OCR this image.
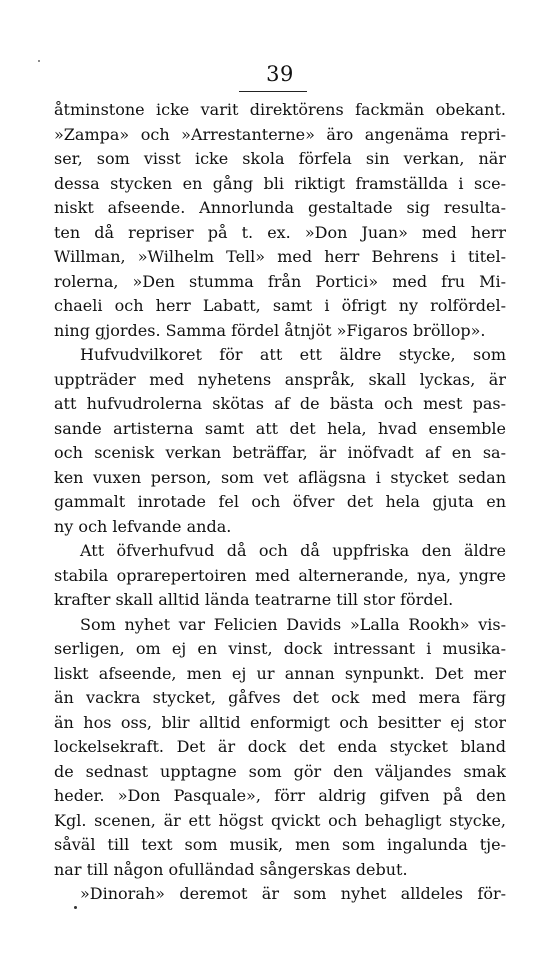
39
åtminstone icke varit direktörens fackmän obekant.
»Zampa» och »Arrestanterne» äro angenäma repri-
ser, som visst icke skola förfela sin verkan, när
dessa stycken en gång bli riktigt framställda i sce-
niskt afseende. Annorlunda gestaltade sig resulta-
ten då repriser på t. ex. »Don Juan» med herr
Willman, »Wilhelm Tell» med herr Behrens i titel-
rolerna, »Den stumma från Portici» med fru Mi-
chaeli och herr Labatt, samt i öfrigt ny rolfördel-
ning gjordes. Samma fördel åtnjöt »Figaros bröllop».
Hufvudvilkoret för att ett äldre stycke, som
uppträder med nyhetens anspråk, skall lyckas, är
att hufvudrolerna skötas af de bästa och mest pas-
sande artisterna samt att det hela, hvad ensemble
och scenisk verkan beträffar, är inöfvadt af en sa-
ken vuxen person, som vet aflägsna i stycket sedan
gammalt inrotade fel och öfver det hela gjuta en
ny och lefvande anda.
Att öfverhufvud då och då uppfriska den äldre
stabila oprarepertoiren med alternerande, nya, yngre
krafter skall alltid lända teatrarne till stor fördel.
Som nyhet var Felicien Davids »Lalla Rookh» vis-
serligen, om ej en vinst, dock intressant i musika-
liskt afseende, men ej ur annan synpunkt. Det mer
än vackra stycket, gåfves det ock med mera färg
än hos oss, blir alltid enformigt och besitter ej stor
lockelsekraft. Det är dock det enda stycket bland
de sednast upptagne som gör den väljandes smak
heder. »Don Pasquale», förr aldrig gifven på den
Kgl. scenen, är ett högst qvickt och behagligt stycke,
såväl till text som musik, men som ingalunda tje-
nar till någon ofulländad sångerskas debut.
»Dinorah» deremot är som nyhet alldeles för-
